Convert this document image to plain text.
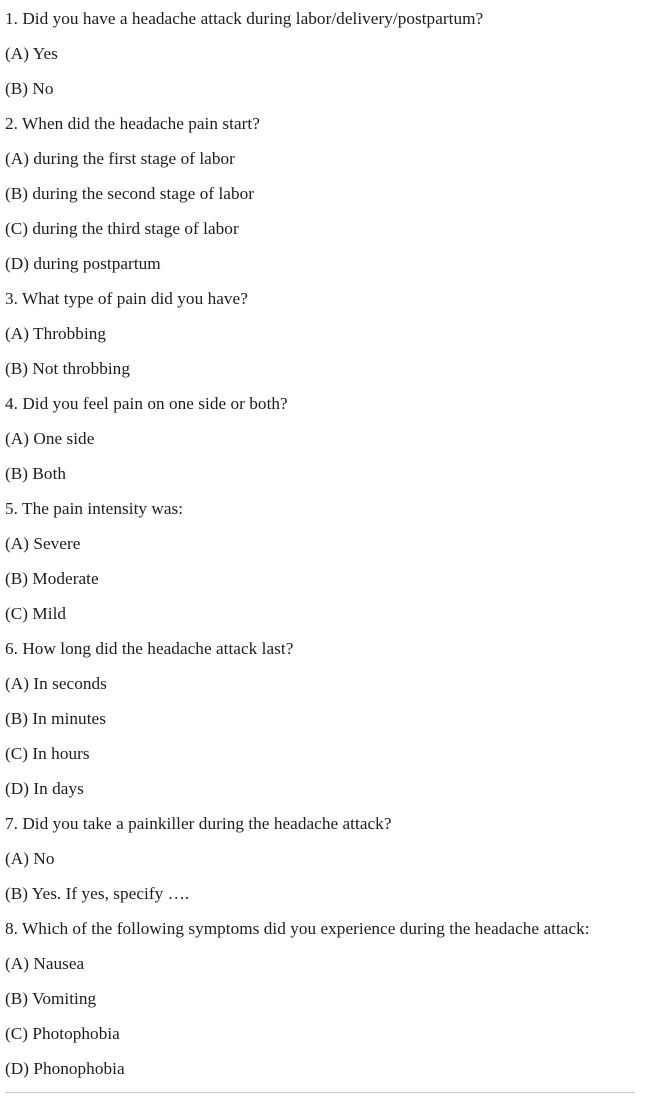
1. Did you have a headache attack during labor/delivery/postpartum?
(A) Yes
(B) No
2. When did the headache pain start?
(A) during the first stage of labor
(B) during the second stage of labor
(C) during the third stage of labor
(D) during postpartum
3. What type of pain did you have?
(A) Throbbing
(B) Not throbbing
4. Did you feel pain on one side or both?
(A) One side
(B) Both
5. The pain intensity was:
(A) Severe
(B) Moderate
(C) Mild
6. How long did the headache attack last?
(A) In seconds
(B) In minutes
(C) In hours
(D) In days
7. Did you take a painkiller during the headache attack?
(A) No
(B) Yes. If yes, specify ….
8. Which of the following symptoms did you experience during the headache attack:
(A) Nausea
(B) Vomiting
(C) Photophobia
(D) Phonophobia
